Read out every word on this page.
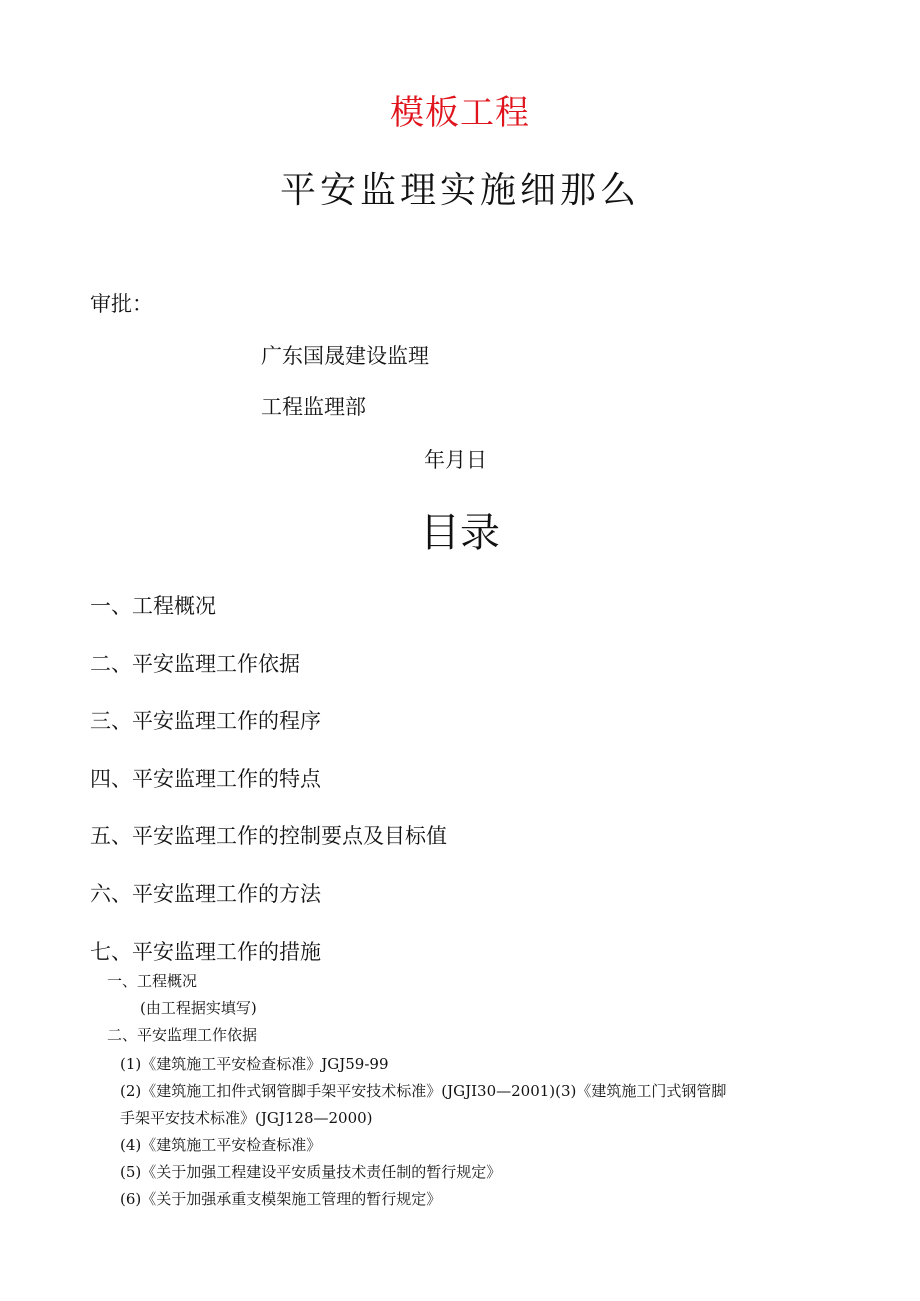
模板工程
平安监理实施细那么
审批：
广东国晟建设监理
工程监理部
年月日
目录
一、工程概况
二、平安监理工作依据
三、平安监理工作的程序
四、平安监理工作的特点
五、平安监理工作的控制要点及目标值
六、平安监理工作的方法
七、平安监理工作的措施
一、工程概况
(由工程据实填写)
二、平安监理工作依据
(1)《建筑施工平安检查标准》JGJ59-99
(2)《建筑施工扣件式钢管脚手架平安技术标准》(JGJI30—2001)(3)《建筑施工门式钢管脚
手架平安技术标准》(JGJ128—2000)
(4)《建筑施工平安检查标准》
(5)《关于加强工程建设平安质量技术责任制的暂行规定》
(6)《关于加强承重支模架施工管理的暂行规定》
